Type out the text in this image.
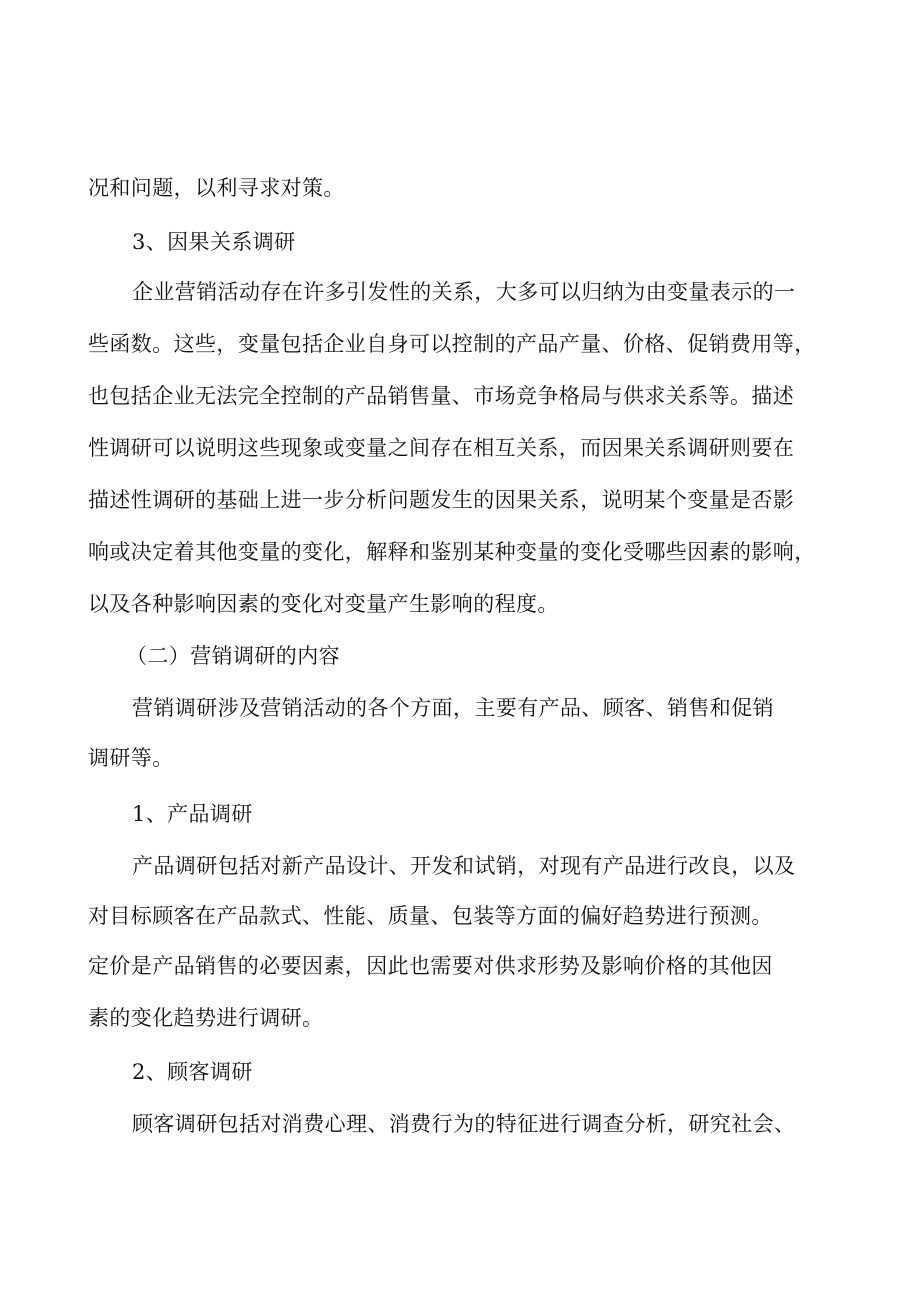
况和问题，以利寻求对策。
3、因果关系调研
企业营销活动存在许多引发性的关系，大多可以归纳为由变量表示的一
些函数。这些，变量包括企业自身可以控制的产品产量、价格、促销费用等，
也包括企业无法完全控制的产品销售量、市场竞争格局与供求关系等。描述
性调研可以说明这些现象或变量之间存在相互关系，而因果关系调研则要在
描述性调研的基础上进一步分析问题发生的因果关系，说明某个变量是否影
响或决定着其他变量的变化，解释和鉴别某种变量的变化受哪些因素的影响，
以及各种影响因素的变化对变量产生影响的程度。
（二）营销调研的内容
营销调研涉及营销活动的各个方面，主要有产品、顾客、销售和促销
调研等。
1、产品调研
产品调研包括对新产品设计、开发和试销，对现有产品进行改良，以及
对目标顾客在产品款式、性能、质量、包装等方面的偏好趋势进行预测。
定价是产品销售的必要因素，因此也需要对供求形势及影响价格的其他因
素的变化趋势进行调研。
2、顾客调研
顾客调研包括对消费心理、消费行为的特征进行调查分析，研究社会、
